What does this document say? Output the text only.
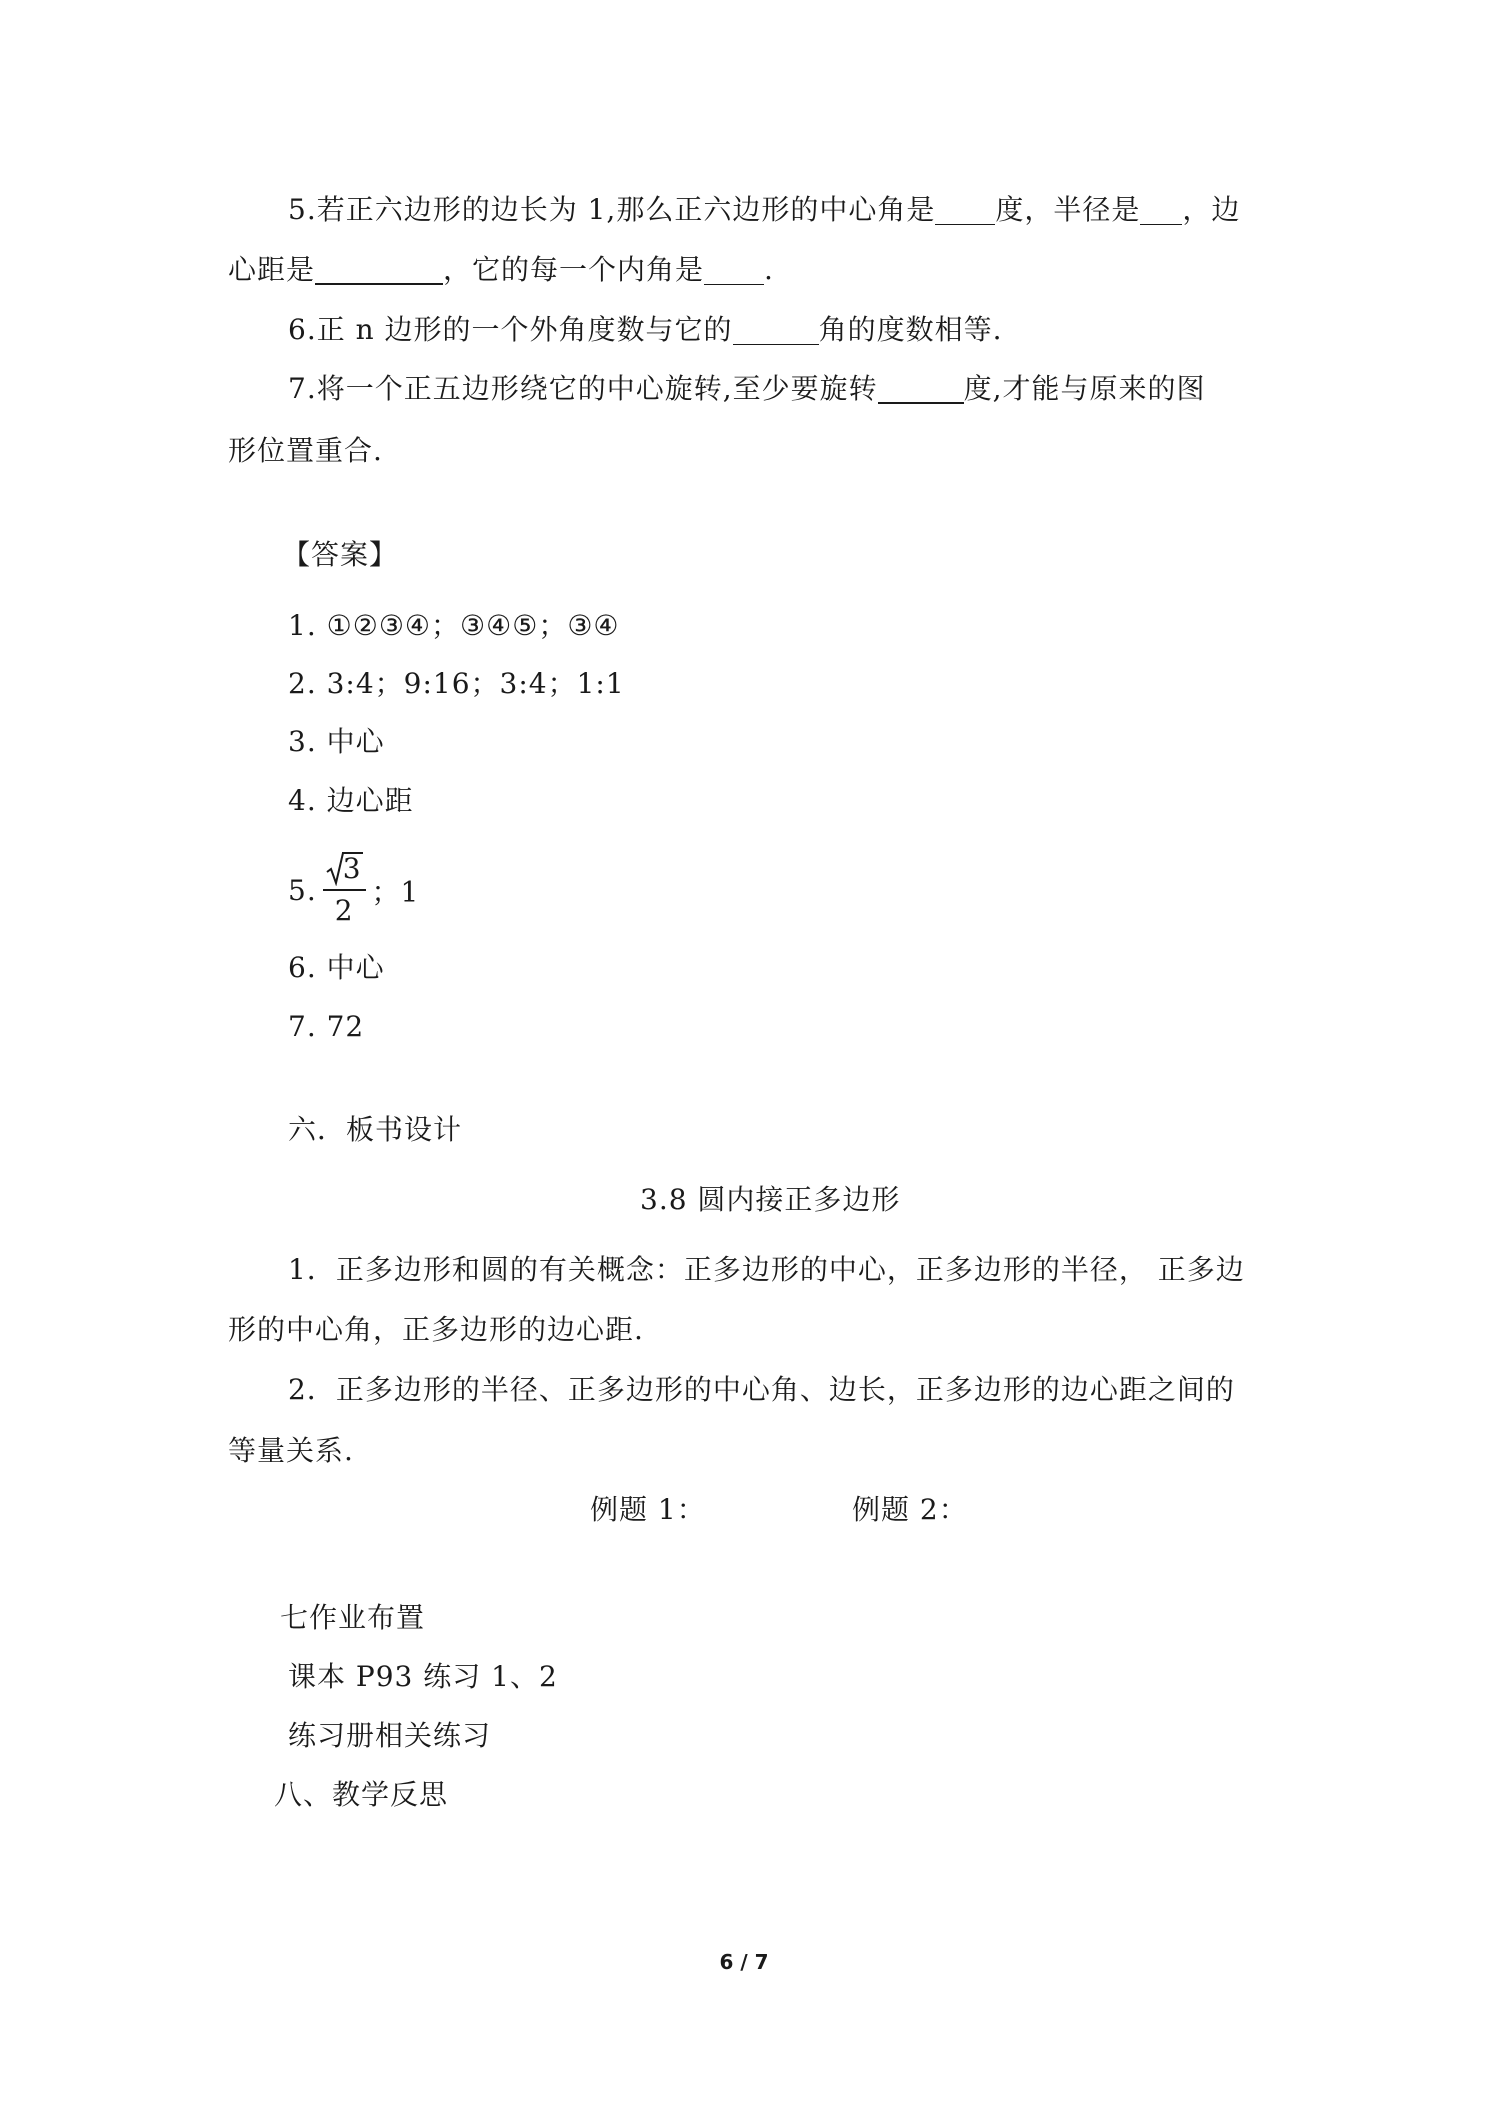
5.若正六边形的边长为 1,那么正六边形的中心角是 度，半径是 ，边
心距是	，它的每一个内角是 .
6.正 n 边形的一个外角度数与它的	角的度数相等.
7.将一个正五边形绕它的中心旋转,至少要旋转	度,才能与原来的图
形位置重合.
【答案】
1. ①②③④；③④⑤；③④
2. 3:4；9:16；3:4；1:1
3. 中心
4. 边心距
5. $\frac{3}{2}$ ；1
6. 中心
7. 72
六．板书设计
3.8 圆内接正多边形
1．正多边形和圆的有关概念：正多边形的中心，正多边形的半径， 正多边
形的中心角，正多边形的边心距.
2．正多边形的半径、正多边形的中心角、边长，正多边形的边心距之间的
等量关系.
例题 1：	例题 2：
七作业布置
课本 P93 练习 1、2
练习册相关练习
八、教学反思
6 / 7
